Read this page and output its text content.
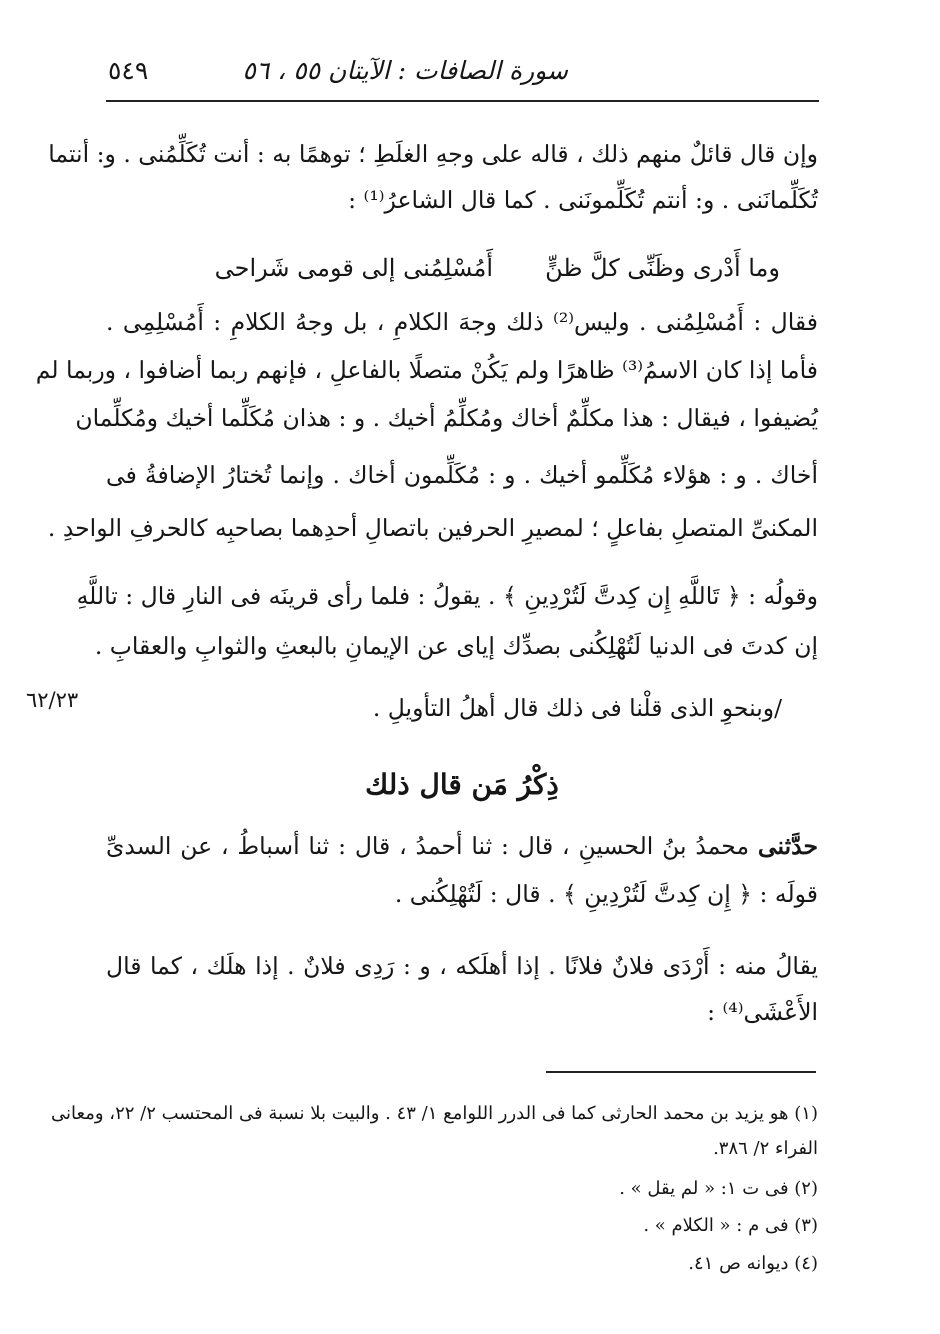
سورة الصافات : الآيتان ٥٥ ، ٥٦
٥٤٩
وإن قال قائلٌ منهم ذلك ، قاله على وجهِ الغلَطِ ؛ توهمًا به : أنت تُكَلِّمُنى . و: أنتما
تُكَلِّمانَنى . و: أنتم تُكَلِّمونَنى . كما قال الشاعرُ⁽¹⁾ :
وما أَدْرى وظَنِّى كلَّ ظنٍّأَمُسْلِمُنى إلى قومى شَراحى
فقال : أَمُسْلِمُنى . وليس⁽²⁾ ذلك وجهَ الكلامِ ، بل وجهُ الكلامِ : أَمُسْلِمِى .
فأما إذا كان الاسمُ⁽³⁾ ظاهرًا ولم يَكُنْ متصلًا بالفاعلِ ، فإنهم ربما أضافوا ، وربما لم
يُضيفوا ، فيقال : هذا مكلِّمٌ أخاك ومُكلِّمُ أخيك . و : هذان مُكَلِّما أخيك ومُكلِّمان
أخاك . و : هؤلاء مُكَلِّمو أخيك . و : مُكَلِّمون أخاك . وإنما تُختارُ الإضافةُ فى
المكنىِّ المتصلِ بفاعلٍ ؛ لمصيرِ الحرفين باتصالِ أحدِهما بصاحبِه كالحرفِ الواحدِ .
وقولُه : ﴿ تَاللَّهِ إِن كِدتَّ لَتُرْدِينِ ﴾ . يقولُ : فلما رأى قرينَه فى النارِ قال : تاللَّهِ
إن كدتَ فى الدنيا لَتُهْلِكُنى بصدِّك إياى عن الإيمانِ بالبعثِ والثوابِ والعقابِ .
/وبنحوِ الذى قلْنا فى ذلك قال أهلُ التأويلِ .
٦٢/٢٣
ذِكْرُ مَن قال ذلك
حدَّثنى محمدُ بنُ الحسينِ ، قال : ثنا أحمدُ ، قال : ثنا أسباطُ ، عن السدىِّ
قولَه : ﴿ إِن كِدتَّ لَتُرْدِينِ ﴾ . قال : لَتُهْلِكُنى .
يقالُ منه : أَرْدَى فلانٌ فلانًا . إذا أهلَكه ، و : رَدِى فلانٌ . إذا هلَك ، كما قال
الأَعْشَى⁽⁴⁾ :
(١) هو يزيد بن محمد الحارثى كما فى الدرر اللوامع ١/ ٤٣ . والبيت بلا نسبة فى المحتسب ٢/ ٢٢، ومعانى
الفراء ٢/ ٣٨٦.
(٢) فى ت ١: « لم يقل » .
(٣) فى م : « الكلام » .
(٤) ديوانه ص ٤١.
